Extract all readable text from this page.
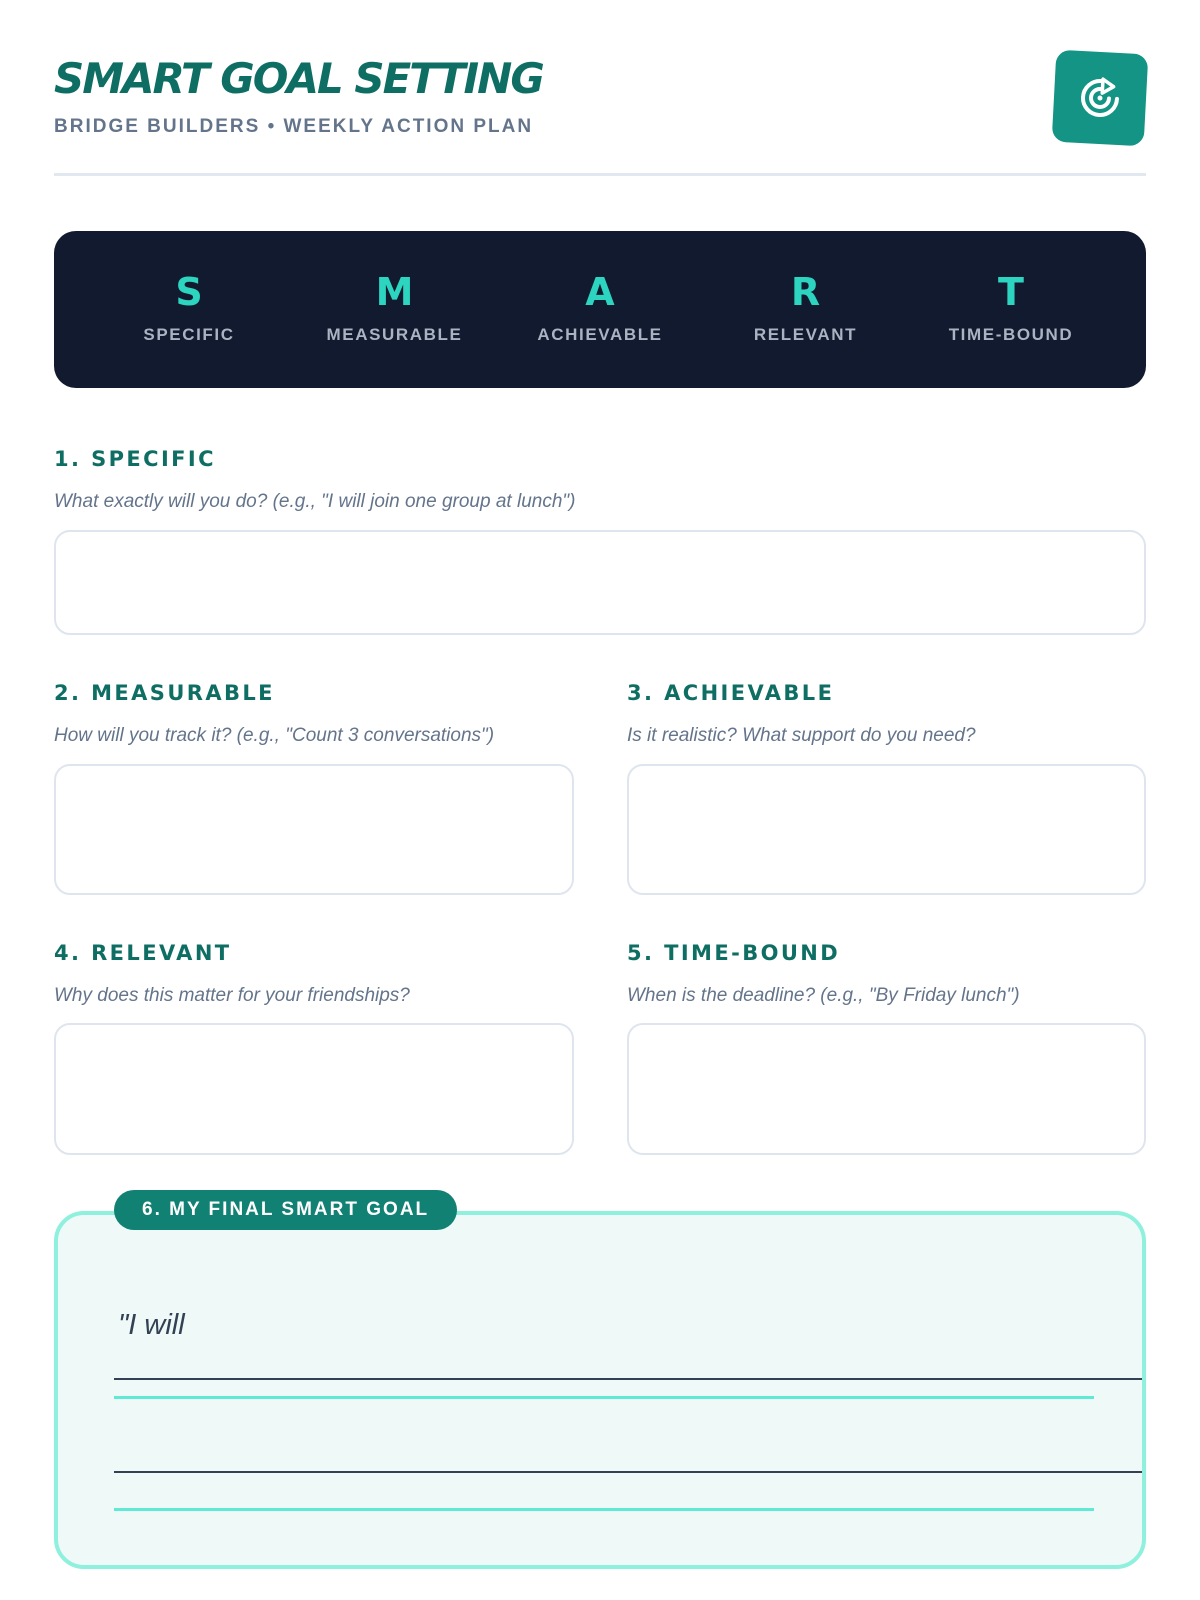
SMART GOAL SETTING
BRIDGE BUILDERS • WEEKLY ACTION PLAN
S
SPECIFIC
M
MEASURABLE
A
ACHIEVABLE
R
RELEVANT
T
TIME-BOUND
1. SPECIFIC
What exactly will you do? (e.g., "I will join one group at lunch")
2. MEASURABLE
How will you track it? (e.g., "Count 3 conversations")
3. ACHIEVABLE
Is it realistic? What support do you need?
4. RELEVANT
Why does this matter for your friendships?
5. TIME-BOUND
When is the deadline? (e.g., "By Friday lunch")
"I will
6. MY FINAL SMART GOAL
